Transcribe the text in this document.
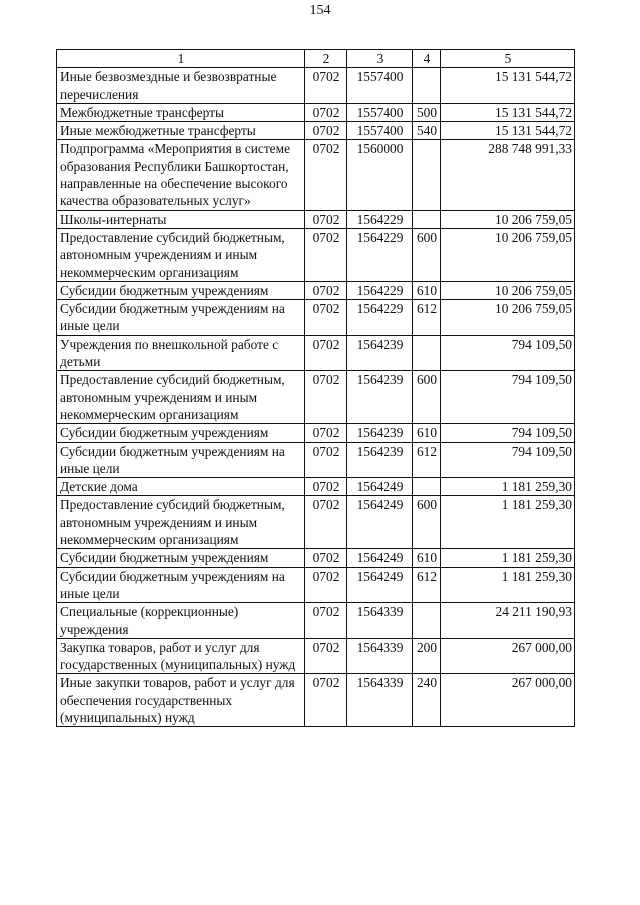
154
1	2	3	4	5
Иные безвозмездные и безвозвратные перечисления	0702	1557400		15 131 544,72
Межбюджетные трансферты	0702	1557400	500	15 131 544,72
Иные межбюджетные трансферты	0702	1557400	540	15 131 544,72
Подпрограмма «Мероприятия в системе образования Республики Башкортостан, направленные на обеспечение высокого качества образовательных услуг»	0702	1560000		288 748 991,33
Школы-интернаты	0702	1564229		10 206 759,05
Предоставление субсидий бюджетным, автономным учреждениям и иным некоммерческим организациям	0702	1564229	600	10 206 759,05
Субсидии бюджетным учреждениям	0702	1564229	610	10 206 759,05
Субсидии бюджетным учреждениям на иные цели	0702	1564229	612	10 206 759,05
Учреждения по внешкольной работе с детьми	0702	1564239		794 109,50
Предоставление субсидий бюджетным, автономным учреждениям и иным некоммерческим организациям	0702	1564239	600	794 109,50
Субсидии бюджетным учреждениям	0702	1564239	610	794 109,50
Субсидии бюджетным учреждениям на иные цели	0702	1564239	612	794 109,50
Детские дома	0702	1564249		1 181 259,30
Предоставление субсидий бюджетным, автономным учреждениям и иным некоммерческим организациям	0702	1564249	600	1 181 259,30
Субсидии бюджетным учреждениям	0702	1564249	610	1 181 259,30
Субсидии бюджетным учреждениям на иные цели	0702	1564249	612	1 181 259,30
Специальные (коррекционные) учреждения	0702	1564339		24 211 190,93
Закупка товаров, работ и услуг для государственных (муниципальных) нужд	0702	1564339	200	267 000,00
Иные закупки товаров, работ и услуг для обеспечения государственных (муниципальных) нужд	0702	1564339	240	267 000,00
